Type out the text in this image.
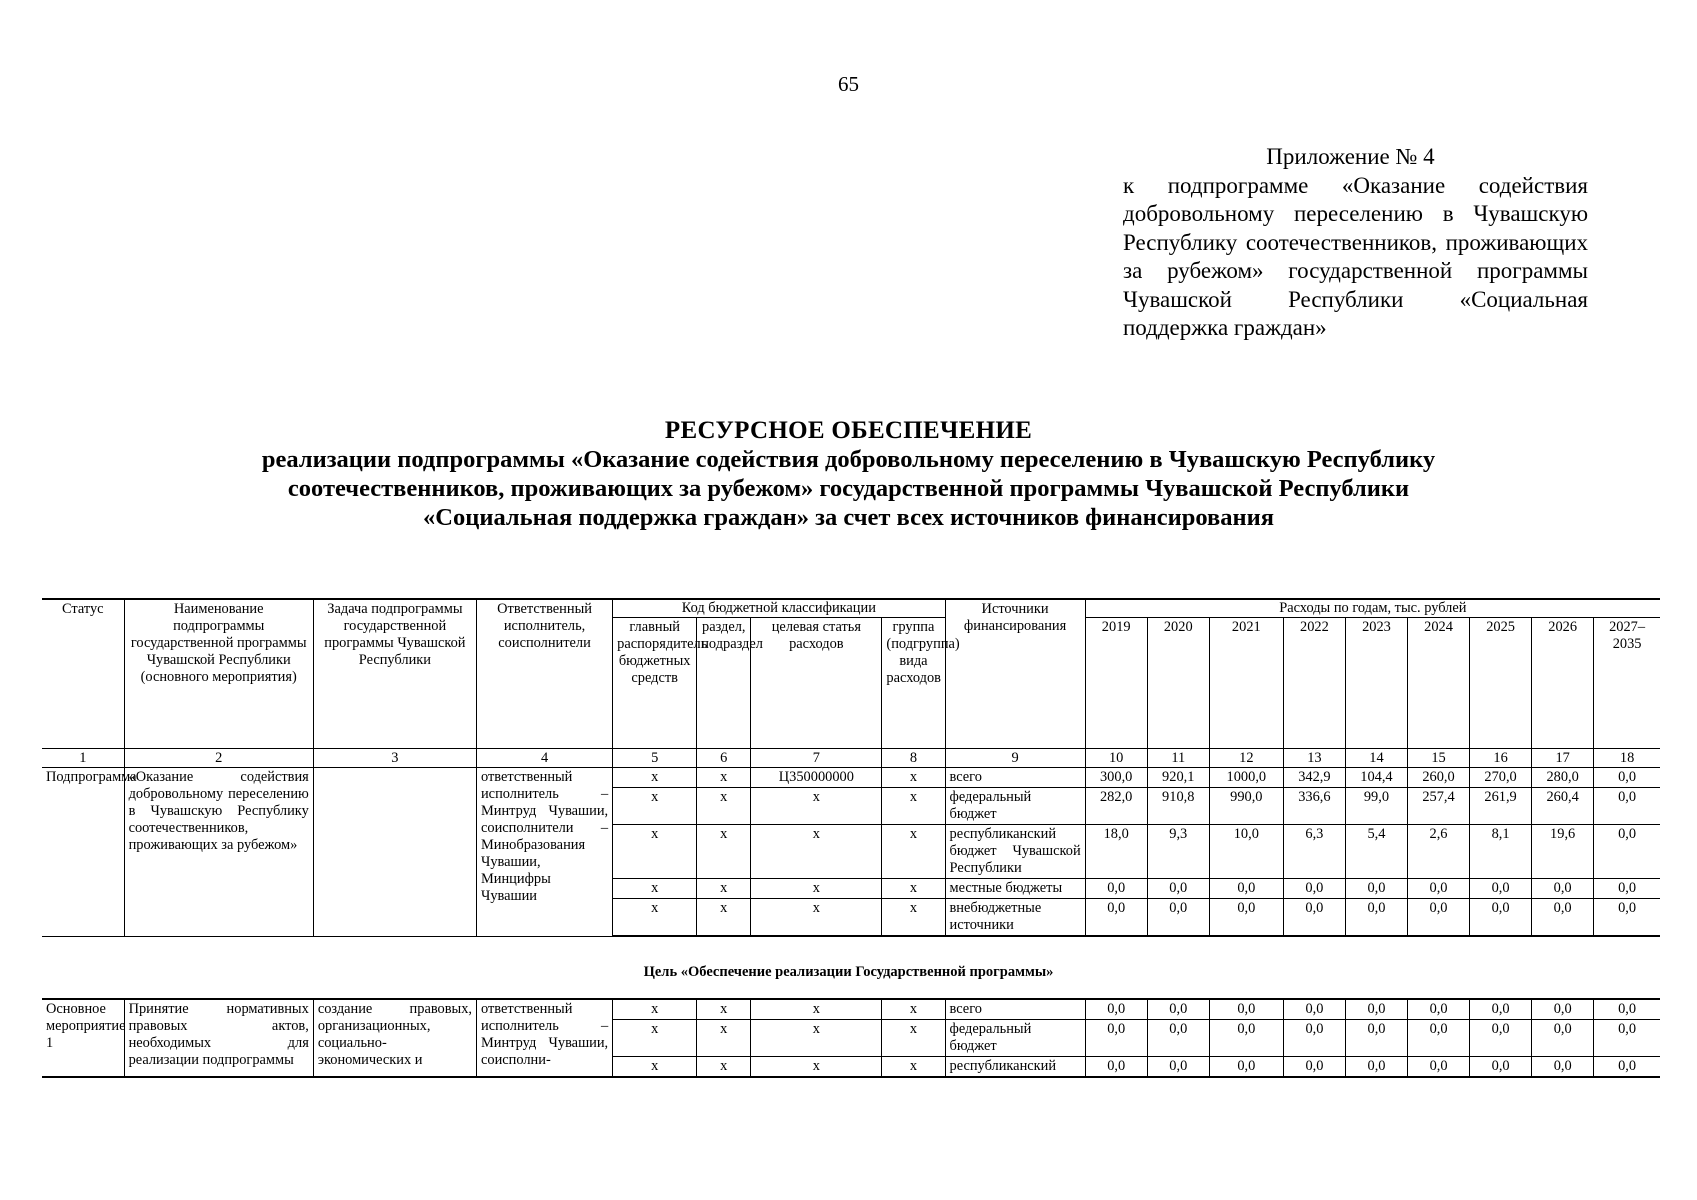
65
Приложение № 4
к подпрограмме «Оказание содействия добровольному переселению в Чувашскую Республику соотечественников, проживающих за рубежом» государственной программы Чувашской Республики «Социальная поддержка граждан»
РЕСУРСНОЕ ОБЕСПЕЧЕНИЕ
реализации подпрограммы «Оказание содействия добровольному переселению в Чувашскую Республику
соотечественников, проживающих за рубежом» государственной программы Чувашской Республики
«Социальная поддержка граждан» за счет всех источников финансирования
Статус	Наименование подпрограммы государственной программы Чувашской Республики (основного мероприятия)	Задача подпрограммы государственной программы Чувашской Республики	Ответственный исполнитель, соисполнители	Код бюджетной классификации				Источники финансирования	Расходы по годам, тыс. рублей								
				главный распорядитель бюджетных средств	раздел, подраздел	целевая статья расходов	группа (подгруппа) вида расходов		2019	2020	2021	2022	2023	2024	2025	2026	2027–2035
1	2	3	4	5	6	7	8	9	10	11	12	13	14	15	16	17	18
Подпрограмма	«Оказание содействия добровольному переселению в Чувашскую Республику соотечественников, проживающих за рубежом»		ответственный исполнитель – Минтруд Чувашии, соисполнители – Минобразования Чувашии, Минцифры Чувашии	x	x	Ц350000000	x	всего	300,0	920,1	1000,0	342,9	104,4	260,0	270,0	280,0	0,0
				x	x	x	x	федеральный бюджет	282,0	910,8	990,0	336,6	99,0	257,4	261,9	260,4	0,0
				x	x	x	x	республиканский бюджет Чувашской Республики	18,0	9,3	10,0	6,3	5,4	2,6	8,1	19,6	0,0
				x	x	x	x	местные бюджеты	0,0	0,0	0,0	0,0	0,0	0,0	0,0	0,0	0,0
				x	x	x	x	внебюджетные источники	0,0	0,0	0,0	0,0	0,0	0,0	0,0	0,0	0,0
Цель «Обеспечение реализации Государственной программы»
Основное мероприятие 1	Принятие нормативных правовых актов, необходимых для реализации подпрограммы	создание правовых, организационных, социально-экономических и	ответственный исполнитель – Минтруд Чувашии, соисполни-	x	x	x	x	всего	0,0	0,0	0,0	0,0	0,0	0,0	0,0	0,0	0,0
				x	x	x	x	федеральный бюджет	0,0	0,0	0,0	0,0	0,0	0,0	0,0	0,0	0,0
				x	x	x	x	республиканский	0,0	0,0	0,0	0,0	0,0	0,0	0,0	0,0	0,0
